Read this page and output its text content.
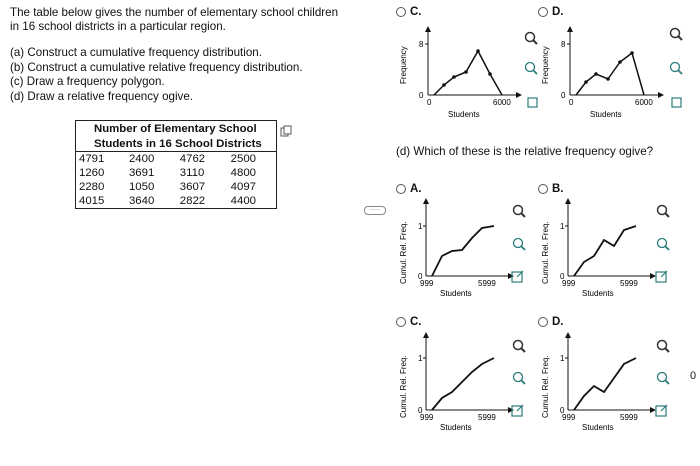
The table below gives the number of elementary school children in 16 school districts in a particular region.
(a) Construct a cumulative frequency distribution.
(b) Construct a cumulative relative frequency distribution.
(c) Draw a frequency polygon.
(d) Draw a relative frequency ogive.
Number of Elementary School			
Students in 16 School Districts			
4791	2400	4762	2500
1260	3691	3110	4800
2280	1050	3607	4097
4015	3640	2822	4400
·····
C.	D.
Frequency
8
0
0	6000
Students
Frequency
8
0
0	6000
Students
(d) Which of these is the relative frequency ogive?
A.	B.
C.	D.
Cumul. Rel. Freq. 1
0
999	5999
Students
Cumul. Rel. Freq. 1
0
999	5999
Students
Cumul. Rel. Freq. 1
0
999	5999
Students
Cumul. Rel. Freq. 1
0
999	5999
Students
0
